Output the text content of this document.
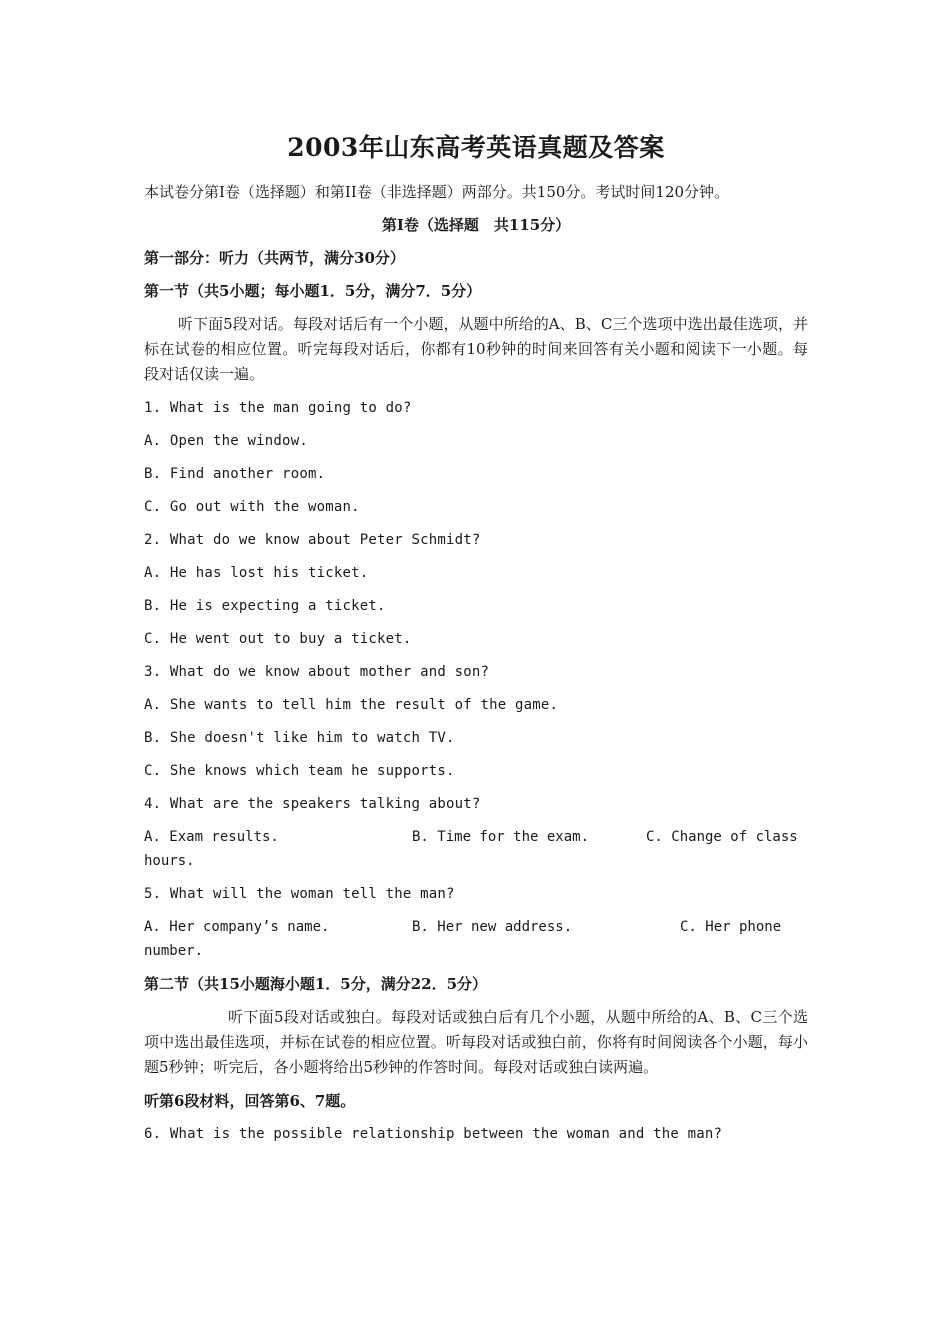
2003年山东高考英语真题及答案
本试卷分第Ⅰ卷（选择题）和第II卷（非选择题）两部分。共150分。考试时间120分钟。
第Ⅰ卷（选择题　共115分）
第一部分：听力（共两节，满分30分）
第一节（共5小题；每小题1．5分，满分7．5分）
听下面5段对话。每段对话后有一个小题，从题中所给的A、B、C三个选项中选出最佳选项，并标在试卷的相应位置。听完每段对话后，你都有10秒钟的时间来回答有关小题和阅读下一小题。每段对话仅读一遍。
1. What is the man going to do?
A. Open the window.
B. Find another room.
C. Go out with the woman.
2. What do we know about Peter Schmidt?
A. He has lost his ticket.
B. He is expecting a ticket.
C. He went out to buy a ticket.
3. What do we know about mother and son?
A. She wants to tell him the result of the game.
B. She doesn't like him to watch TV.
C. She knows which team he supports.
4. What are the speakers talking about?
A. Exam results.	B. Time for the exam.	C. Change of class
hours.
5. What will the woman tell the man?
A. Her company’s name.	B. Her new address.	C. Her phone
number.
第二节（共15小题海小题1．5分，满分22．5分）
听下面5段对话或独白。每段对话或独白后有几个小题，从题中所给的A、B、C三个选项中选出最佳选项，并标在试卷的相应位置。听每段对话或独白前，你将有时间阅读各个小题，每小题5秒钟；听完后，各小题将给出5秒钟的作答时间。每段对话或独白读两遍。
听第6段材料，回答第6、7题。
6. What is the possible relationship between the woman and the man?
